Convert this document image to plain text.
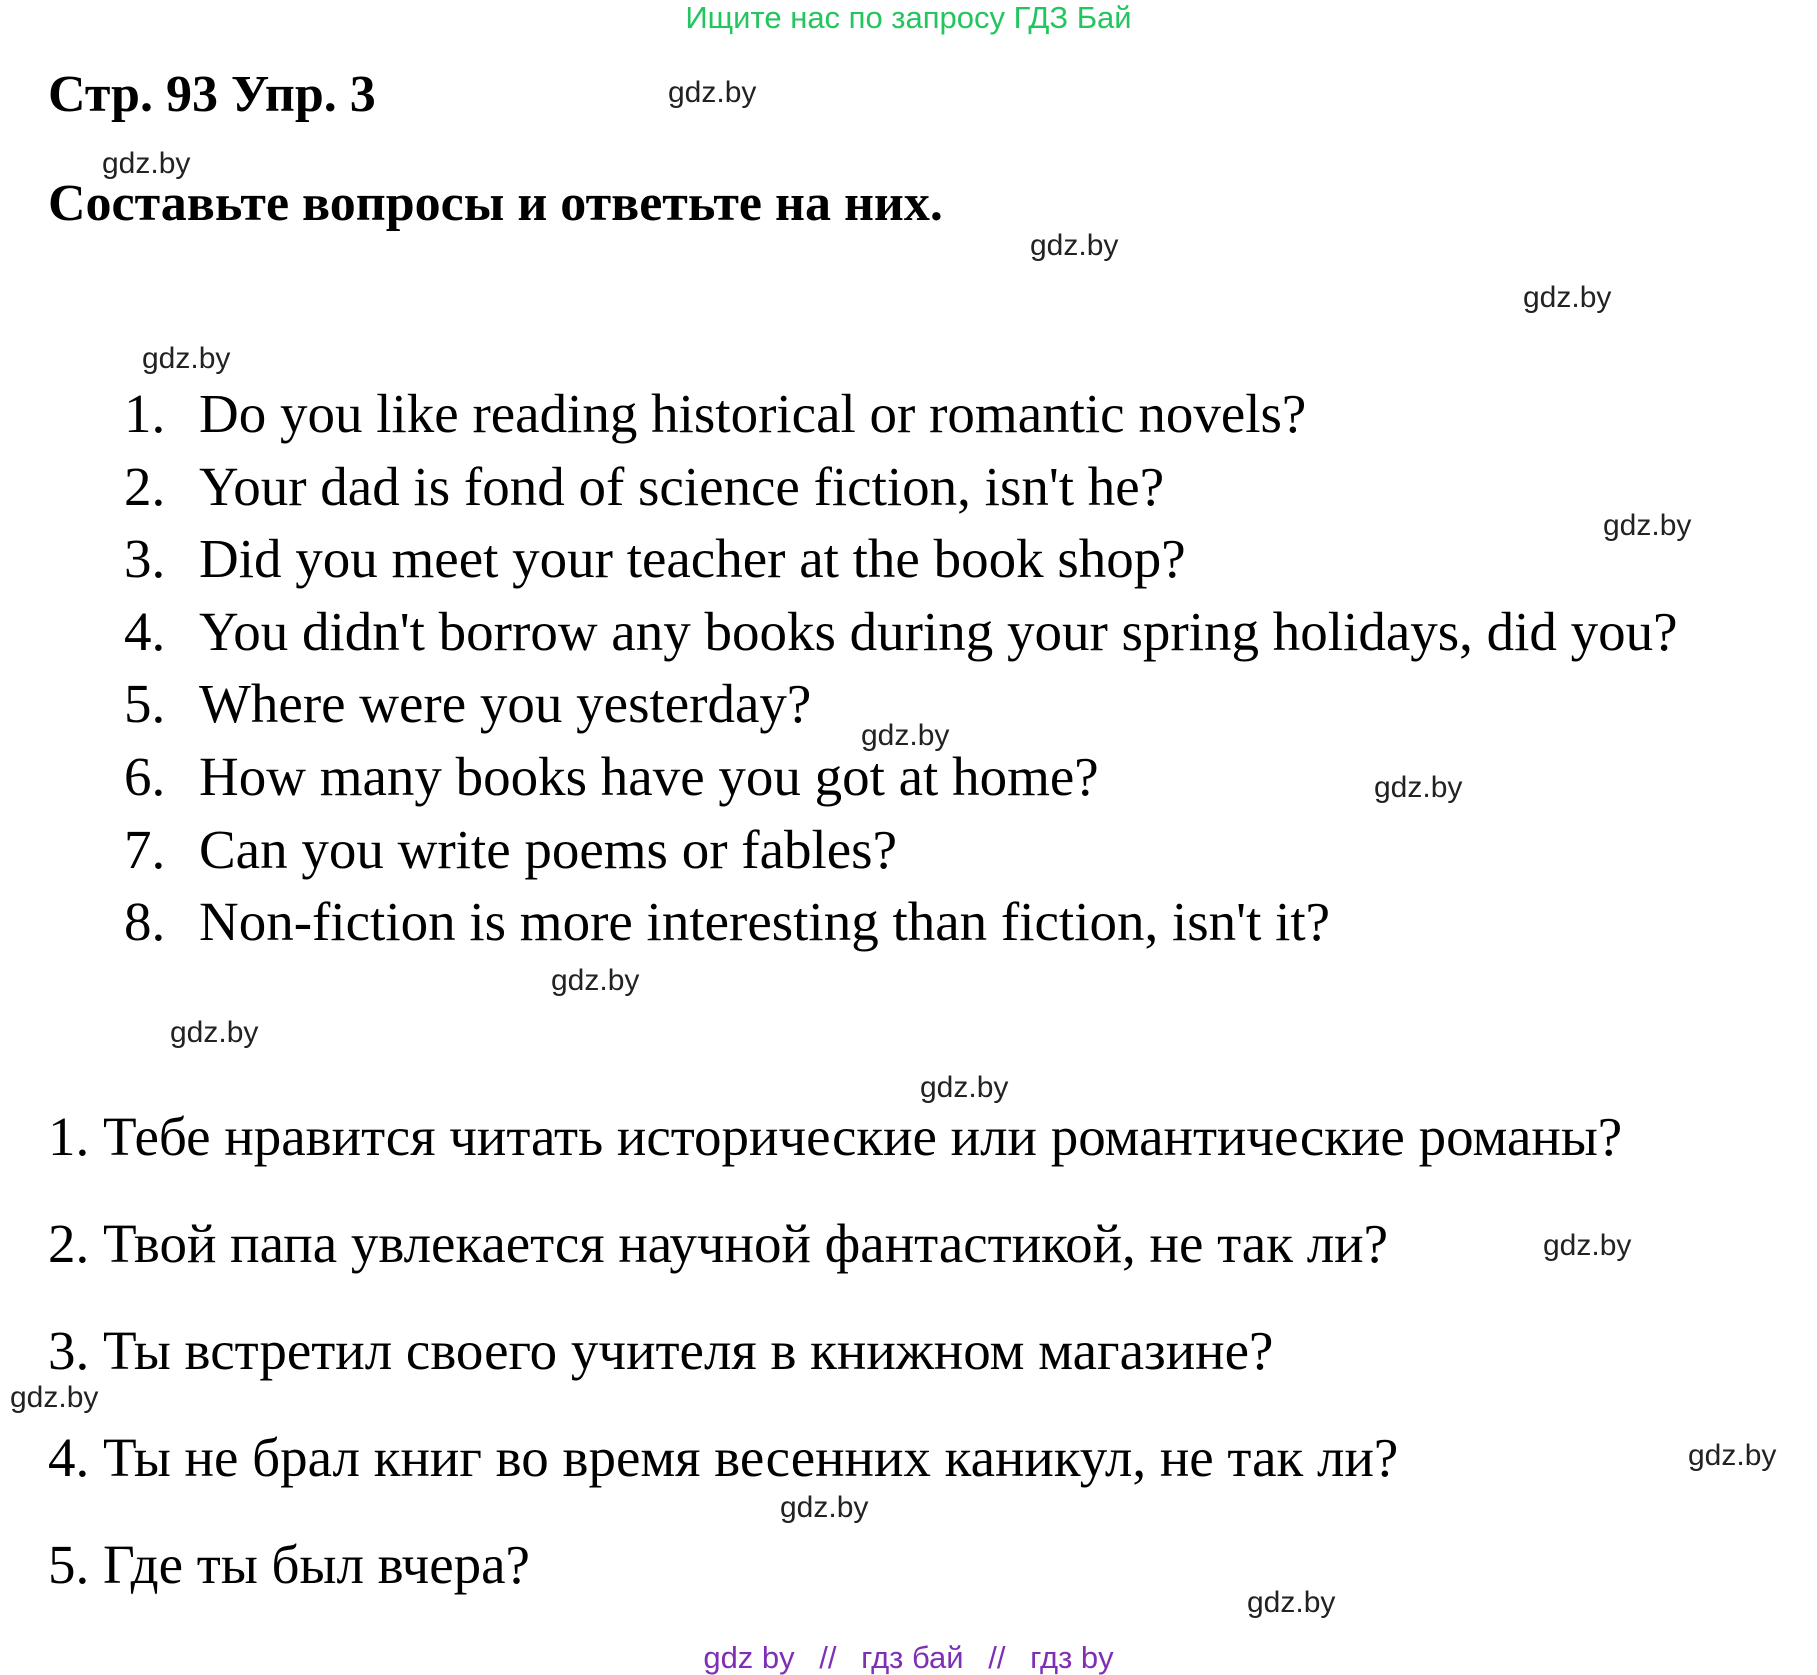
Ищите нас по запросу ГДЗ Бай
Стр. 93 Упр. 3
Составьте вопросы и ответьте на них.
1. Do you like reading historical or romantic novels?
2. Your dad is fond of science fiction, isn't he?
3. Did you meet your teacher at the book shop?
4. You didn't borrow any books during your spring holidays, did you?
5. Where were you yesterday?
6. How many books have you got at home?
7. Can you write poems or fables?
8. Non-fiction is more interesting than fiction, isn't it?

1. Тебе нравится читать исторические или романтические романы?

2. Твой папа увлекается научной фантастикой, не так ли?

3. Ты встретил своего учителя в книжном магазине?

4. Ты не брал книг во время весенних каникул, не так ли?

5. Где ты был вчера?

gdz.by
gdz.by
gdz.by
gdz.by
gdz.by
gdz.by
gdz.by
gdz.by
gdz.by
gdz.by
gdz.by
gdz.by
gdz.by
gdz.by
gdz.by
gdz.by
gdz by // гдз бай // гдз by
